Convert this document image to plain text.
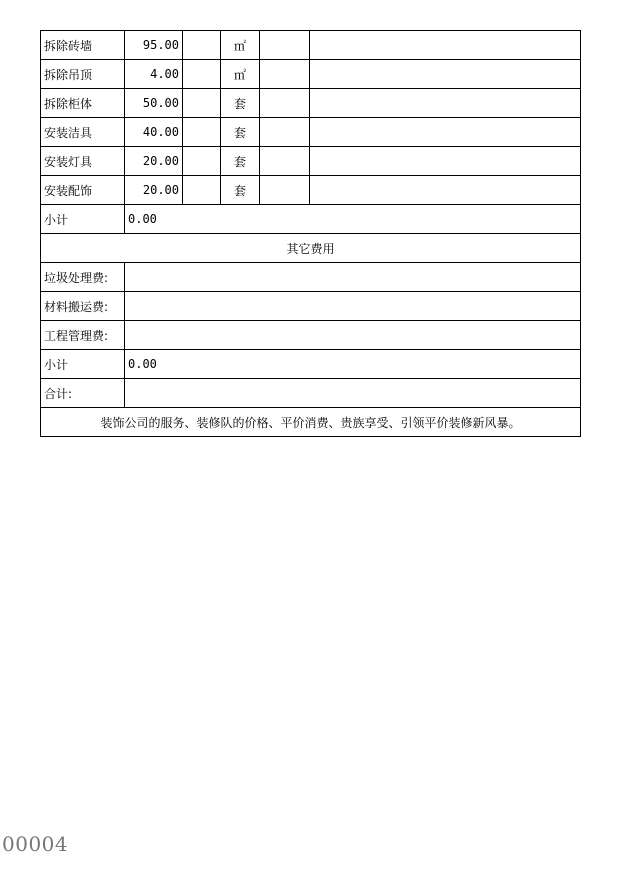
拆除砖墙	95.00		㎡		
拆除吊顶	4.00		㎡		
拆除柜体	50.00		套		
安装洁具	40.00		套		
安装灯具	20.00		套		
安装配饰	20.00		套		
小计	0.00				
其它费用					
垃圾处理费:					
材料搬运费:					
工程管理费:					
小计	0.00				
合计:					
装饰公司的服务、装修队的价格、平价消费、贵族享受、引领平价装修新风暴。					
00004
